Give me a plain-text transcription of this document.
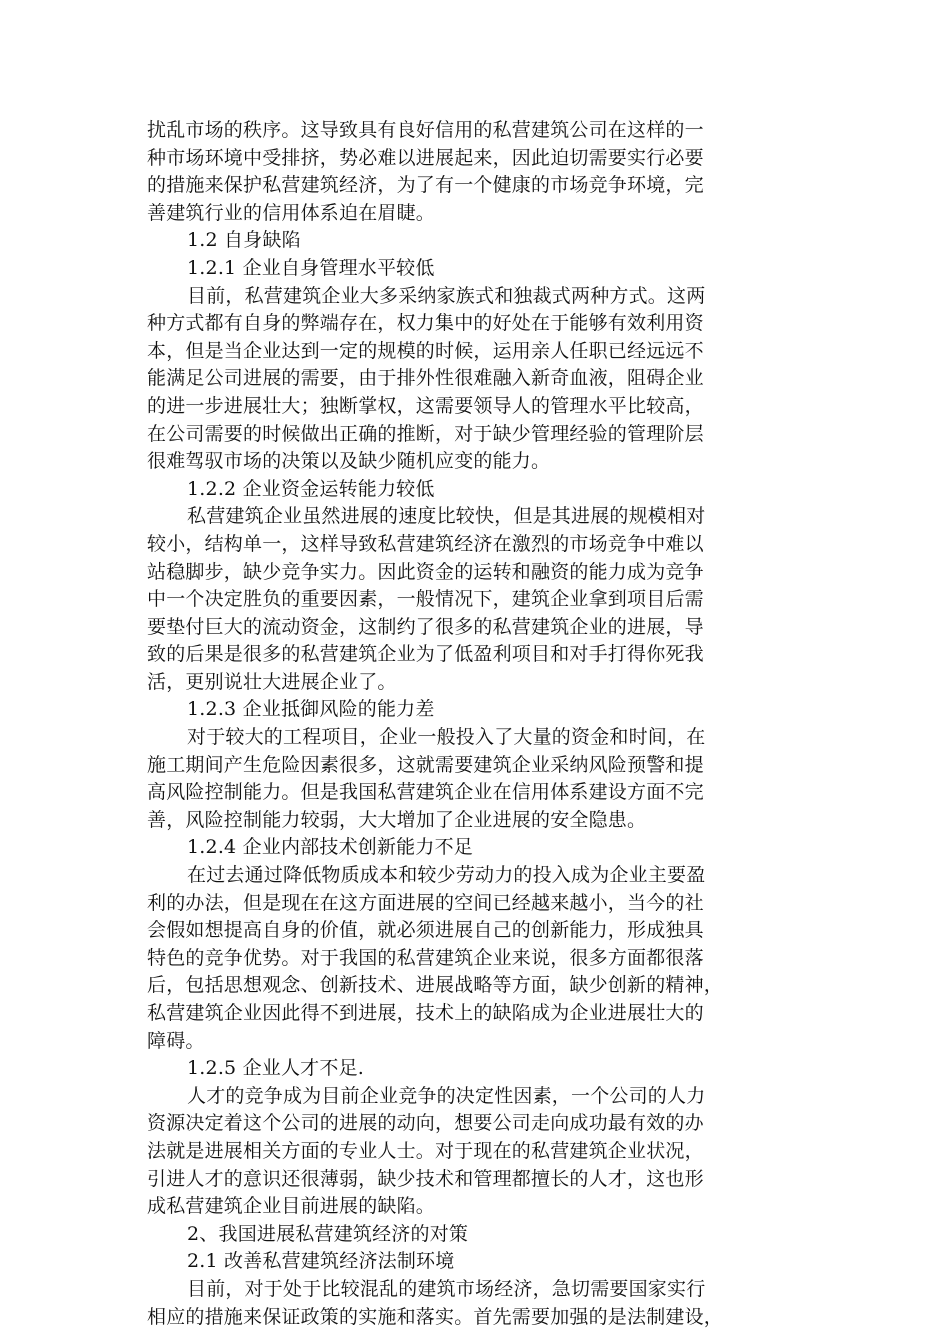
扰乱市场的秩序。这导致具有良好信用的私营建筑公司在这样的一
种市场环境中受排挤，势必难以进展起来，因此迫切需要实行必要
的措施来保护私营建筑经济，为了有一个健康的市场竞争环境，完
善建筑行业的信用体系迫在眉睫。
1.2 自身缺陷
1.2.1 企业自身管理水平较低
目前，私营建筑企业大多采纳家族式和独裁式两种方式。这两
种方式都有自身的弊端存在，权力集中的好处在于能够有效利用资
本，但是当企业达到一定的规模的时候，运用亲人任职已经远远不
能满足公司进展的需要，由于排外性很难融入新奇血液，阻碍企业
的进一步进展壮大；独断掌权，这需要领导人的管理水平比较高，
在公司需要的时候做出正确的推断，对于缺少管理经验的管理阶层
很难驾驭市场的决策以及缺少随机应变的能力。
1.2.2 企业资金运转能力较低
私营建筑企业虽然进展的速度比较快，但是其进展的规模相对
较小，结构单一，这样导致私营建筑经济在激烈的市场竞争中难以
站稳脚步，缺少竞争实力。因此资金的运转和融资的能力成为竞争
中一个决定胜负的重要因素，一般情况下，建筑企业拿到项目后需
要垫付巨大的流动资金，这制约了很多的私营建筑企业的进展，导
致的后果是很多的私营建筑企业为了低盈利项目和对手打得你死我
活，更别说壮大进展企业了。
1.2.3 企业抵御风险的能力差
对于较大的工程项目，企业一般投入了大量的资金和时间，在
施工期间产生危险因素很多，这就需要建筑企业采纳风险预警和提
高风险控制能力。但是我国私营建筑企业在信用体系建设方面不完
善，风险控制能力较弱，大大增加了企业进展的安全隐患。
1.2.4 企业内部技术创新能力不足
在过去通过降低物质成本和较少劳动力的投入成为企业主要盈
利的办法，但是现在在这方面进展的空间已经越来越小，当今的社
会假如想提高自身的价值，就必须进展自己的创新能力，形成独具
特色的竞争优势。对于我国的私营建筑企业来说，很多方面都很落
后，包括思想观念、创新技术、进展战略等方面，缺少创新的精神，
私营建筑企业因此得不到进展，技术上的缺陷成为企业进展壮大的
障碍。
1.2.5 企业人才不足.
人才的竞争成为目前企业竞争的决定性因素，一个公司的人力
资源决定着这个公司的进展的动向，想要公司走向成功最有效的办
法就是进展相关方面的专业人士。对于现在的私营建筑企业状况，
引进人才的意识还很薄弱，缺少技术和管理都擅长的人才，这也形
成私营建筑企业目前进展的缺陷。
2、我国进展私营建筑经济的对策
2.1 改善私营建筑经济法制环境
目前，对于处于比较混乱的建筑市场经济，急切需要国家实行
相应的措施来保证政策的实施和落实。首先需要加强的是法制建设，
